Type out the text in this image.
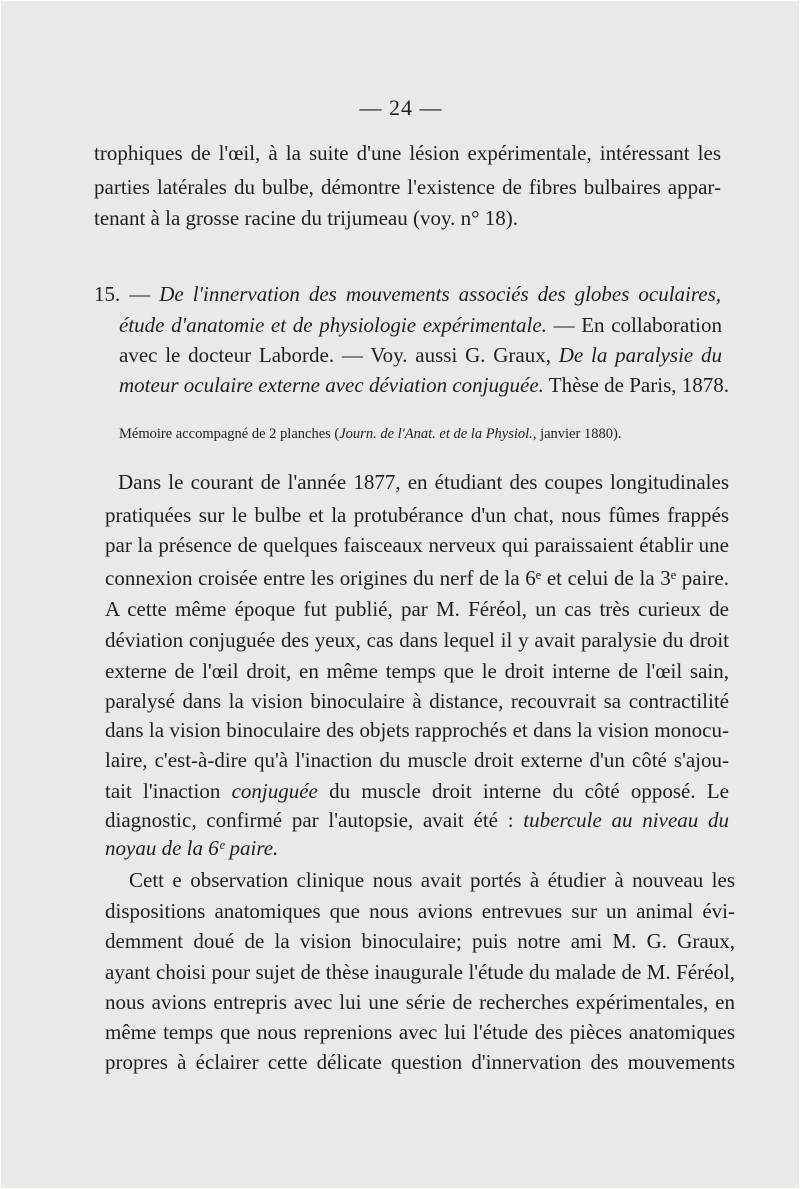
— 24 —
trophiques de l'œil, à la suite d'une lésion expérimentale, intéressant les
parties latérales du bulbe, démontre l'existence de fibres bulbaires appar-
tenant à la grosse racine du trijumeau (voy. n° 18).
15. — De l'innervation des mouvements associés des globes oculaires,
étude d'anatomie et de physiologie expérimentale. — En collaboration
avec le docteur Laborde. — Voy. aussi G. Graux, De la paralysie du
moteur oculaire externe avec déviation conjuguée. Thèse de Paris, 1878.
Mémoire accompagné de 2 planches (Journ. de l'Anat. et de la Physiol., janvier 1880).
Dans le courant de l'année 1877, en étudiant des coupes longitudinales
pratiquées sur le bulbe et la protubérance d'un chat, nous fûmes frappés
par la présence de quelques faisceaux nerveux qui paraissaient établir une
connexion croisée entre les origines du nerf de la 6ᵉ et celui de la 3ᵉ paire.
A cette même époque fut publié, par M. Féréol, un cas très curieux de
déviation conjuguée des yeux, cas dans lequel il y avait paralysie du droit
externe de l'œil droit, en même temps que le droit interne de l'œil sain,
paralysé dans la vision binoculaire à distance, recouvrait sa contractilité
dans la vision binoculaire des objets rapprochés et dans la vision monocu-
laire, c'est-à-dire qu'à l'inaction du muscle droit externe d'un côté s'ajou-
tait l'inaction conjuguée du muscle droit interne du côté opposé. Le
diagnostic, confirmé par l'autopsie, avait été : tubercule au niveau du
noyau de la 6ᵉ paire.
Cett e observation clinique nous avait portés à étudier à nouveau les
dispositions anatomiques que nous avions entrevues sur un animal évi-
demment doué de la vision binoculaire; puis notre ami M. G. Graux,
ayant choisi pour sujet de thèse inaugurale l'étude du malade de M. Féréol,
nous avions entrepris avec lui une série de recherches expérimentales, en
même temps que nous reprenions avec lui l'étude des pièces anatomiques
propres à éclairer cette délicate question d'innervation des mouvements
